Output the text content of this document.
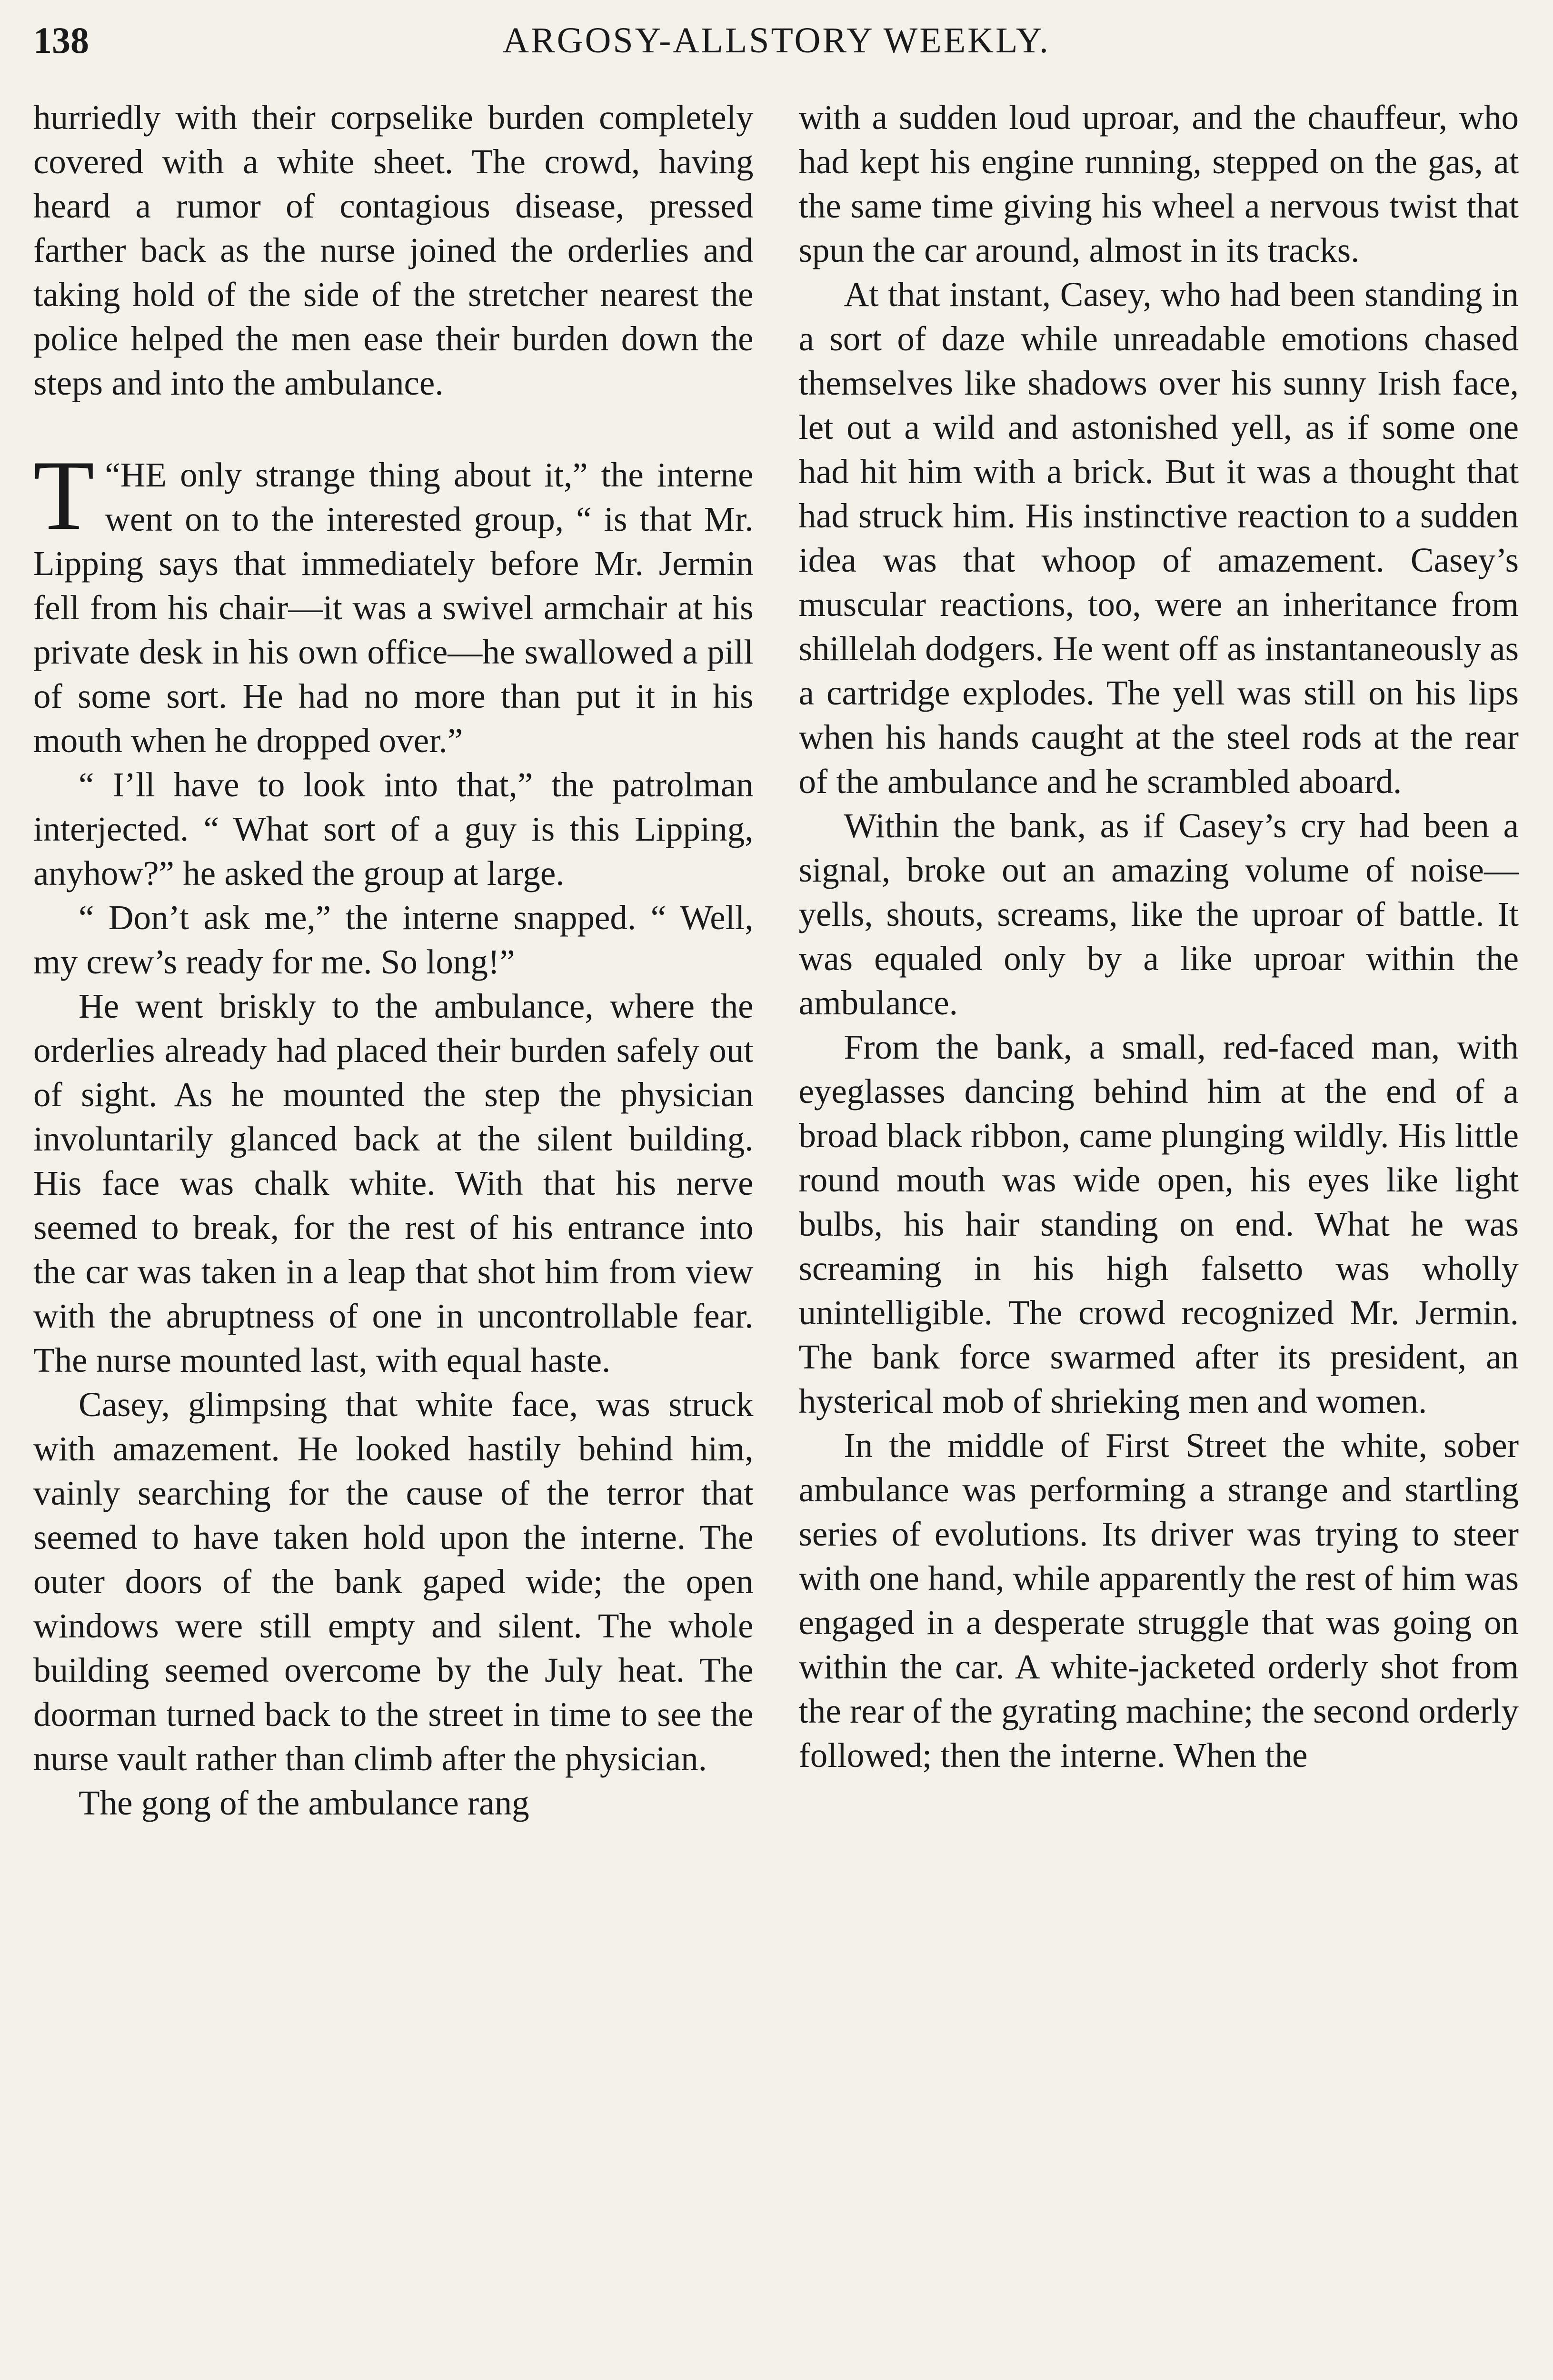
138	ARGOSY-ALLSTORY WEEKLY.

hurriedly with their corpselike burden completely covered with a white sheet. The crowd, having heard a rumor of contagious disease, pressed farther back as the nurse joined the orderlies and taking hold of the side of the stretcher nearest the police helped the men ease their burden down the steps and into the ambulance.

“
T HE only strange thing about it,” the interne went on to the interested group, “ is that Mr. Lipping says that immediately before Mr. Jermin fell from his chair—it was a swivel armchair at his private desk in his own office—he swallowed a pill of some sort. He had no more than put it in his mouth when he dropped over.”

“ I’ll have to look into that,” the patrolman interjected. “ What sort of a guy is this Lipping, anyhow?” he asked the group at large.

“ Don’t ask me,” the interne snapped. “ Well, my crew’s ready for me. So long!”

He went briskly to the ambulance, where the orderlies already had placed their burden safely out of sight. As he mounted the step the physician involuntarily glanced back at the silent building. His face was chalk white. With that his nerve seemed to break, for the rest of his entrance into the car was taken in a leap that shot him from view with the abruptness of one in uncontrollable fear. The nurse mounted last, with equal haste.

Casey, glimpsing that white face, was struck with amazement. He looked hastily behind him, vainly searching for the cause of the terror that seemed to have taken hold upon the interne. The outer doors of the bank gaped wide; the open windows were still empty and silent. The whole building seemed overcome by the July heat. The doorman turned back to the street in time to see the nurse vault rather than climb after the physician.

The gong of the ambulance rang

with a sudden loud uproar, and the chauffeur, who had kept his engine running, stepped on the gas, at the same time giving his wheel a nervous twist that spun the car around, almost in its tracks.

At that instant, Casey, who had been standing in a sort of daze while unreadable emotions chased themselves like shadows over his sunny Irish face, let out a wild and astonished yell, as if some one had hit him with a brick. But it was a thought that had struck him. His instinctive reaction to a sudden idea was that whoop of amazement. Casey’s muscular reactions, too, were an inheritance from shillelah dodgers. He went off as instantaneously as a cartridge explodes. The yell was still on his lips when his hands caught at the steel rods at the rear of the ambulance and he scrambled aboard.

Within the bank, as if Casey’s cry had been a signal, broke out an amazing volume of noise—yells, shouts, screams, like the uproar of battle. It was equaled only by a like uproar within the ambulance.

From the bank, a small, red-faced man, with eyeglasses dancing behind him at the end of a broad black ribbon, came plunging wildly. His little round mouth was wide open, his eyes like light bulbs, his hair standing on end. What he was screaming in his high falsetto was wholly unintelligible. The crowd recognized Mr. Jermin. The bank force swarmed after its president, an hysterical mob of shrieking men and women.

In the middle of First Street the white, sober ambulance was performing a strange and startling series of evolutions. Its driver was trying to steer with one hand, while apparently the rest of him was engaged in a desperate struggle that was going on within the car. A white-jacketed orderly shot from the rear of the gyrating machine; the second orderly followed; then the interne. When the
